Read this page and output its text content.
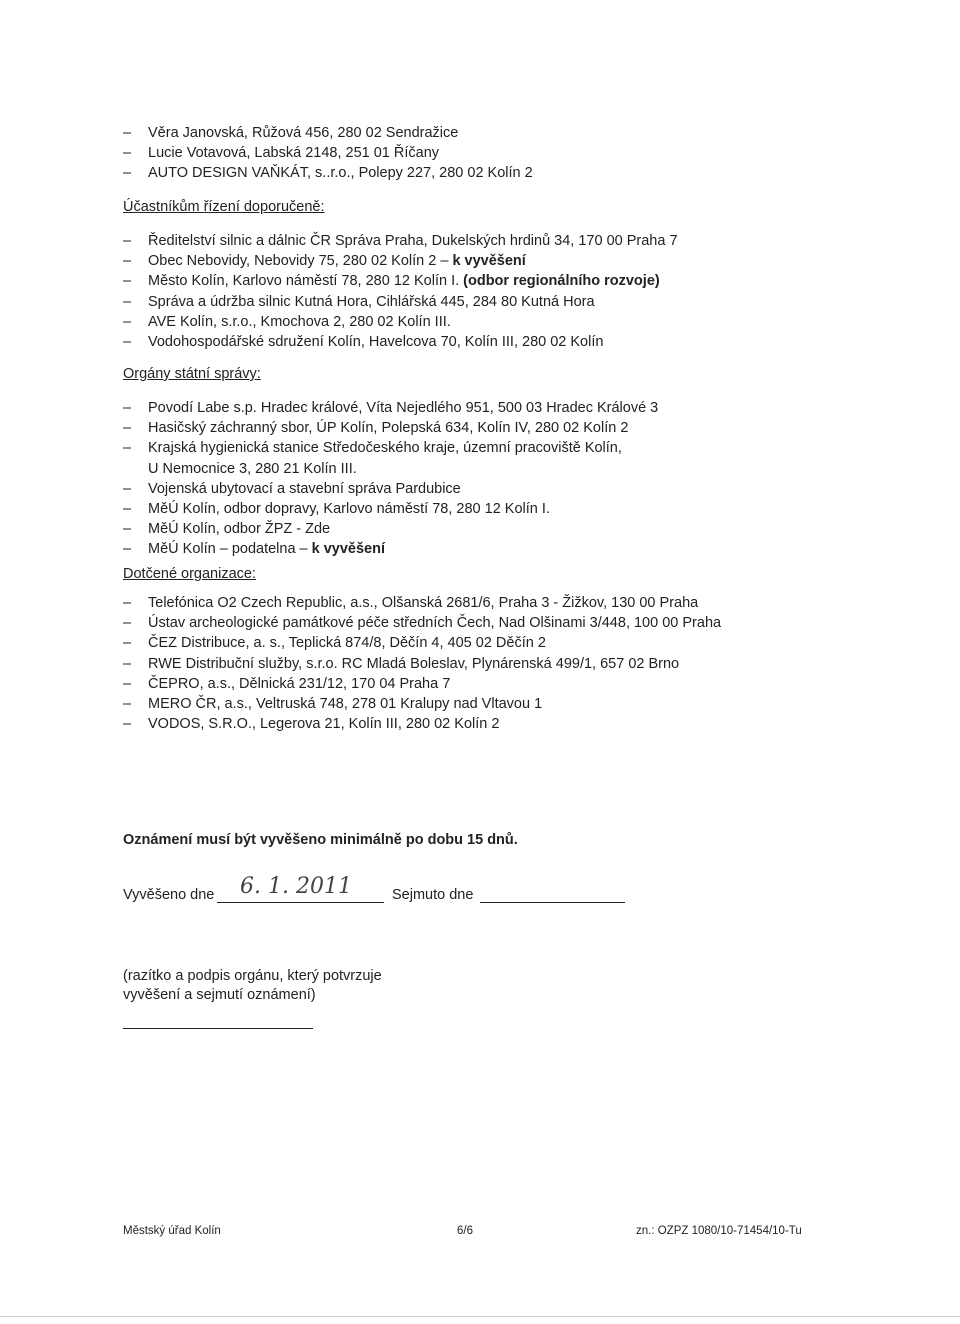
– Věra Janovská, Růžová 456, 280 02 Sendražice
– Lucie Votavová, Labská 2148, 251 01 Říčany
– AUTO DESIGN VAŇKÁT, s..r.o., Polepy 227, 280 02 Kolín 2
Účastníkům řízení doporučeně:
– Ředitelství silnic a dálnic ČR Správa Praha, Dukelských hrdinů 34, 170 00 Praha 7
– Obec Nebovidy, Nebovidy 75, 280 02 Kolín 2 – k vyvěšení
– Město Kolín, Karlovo náměstí 78, 280 12 Kolín I. (odbor regionálního rozvoje)
– Správa a údržba silnic Kutná Hora, Cihlářská 445, 284 80 Kutná Hora
– AVE Kolín, s.r.o., Kmochova 2, 280 02 Kolín III.
– Vodohospodářské sdružení Kolín, Havelcova 70, Kolín III, 280 02 Kolín
Orgány státní správy:
– Povodí Labe s.p. Hradec králové, Víta Nejedlého 951, 500 03 Hradec Králové 3
– Hasičský záchranný sbor, ÚP Kolín, Polepská 634, Kolín IV, 280 02 Kolín 2
– Krajská hygienická stanice Středočeského kraje, územní pracoviště Kolín,
U Nemocnice 3, 280 21 Kolín III.
– Vojenská ubytovací a stavební správa Pardubice
– MěÚ Kolín, odbor dopravy, Karlovo náměstí 78, 280 12 Kolín I.
– MěÚ Kolín, odbor ŽPZ - Zde
– MěÚ Kolín – podatelna – k vyvěšení
Dotčené organizace:
– Telefónica O2 Czech Republic, a.s., Olšanská 2681/6, Praha 3 - Žižkov, 130 00 Praha
– Ústav archeologické památkové péče středních Čech, Nad Olšinami 3/448, 100 00 Praha
– ČEZ Distribuce, a. s., Teplická 874/8, Děčín 4, 405 02 Děčín 2
– RWE Distribuční služby, s.r.o. RC Mladá Boleslav, Plynárenská 499/1, 657 02 Brno
– ČEPRO, a.s., Dělnická 231/12, 170 04 Praha 7
– MERO ČR, a.s., Veltruská 748, 278 01 Kralupy nad Vltavou 1
– VODOS, S.R.O., Legerova 21, Kolín III, 280 02 Kolín 2
Oznámení musí být vyvěšeno minimálně po dobu 15 dnů.
Vyvěšeno dne 6. 1. 2011	Sejmuto dne
(razítko a podpis orgánu, který potvrzuje
vyvěšení a sejmutí oznámení)
Městský úřad Kolín	6/6	zn.: OZPZ 1080/10-71454/10-Tu
